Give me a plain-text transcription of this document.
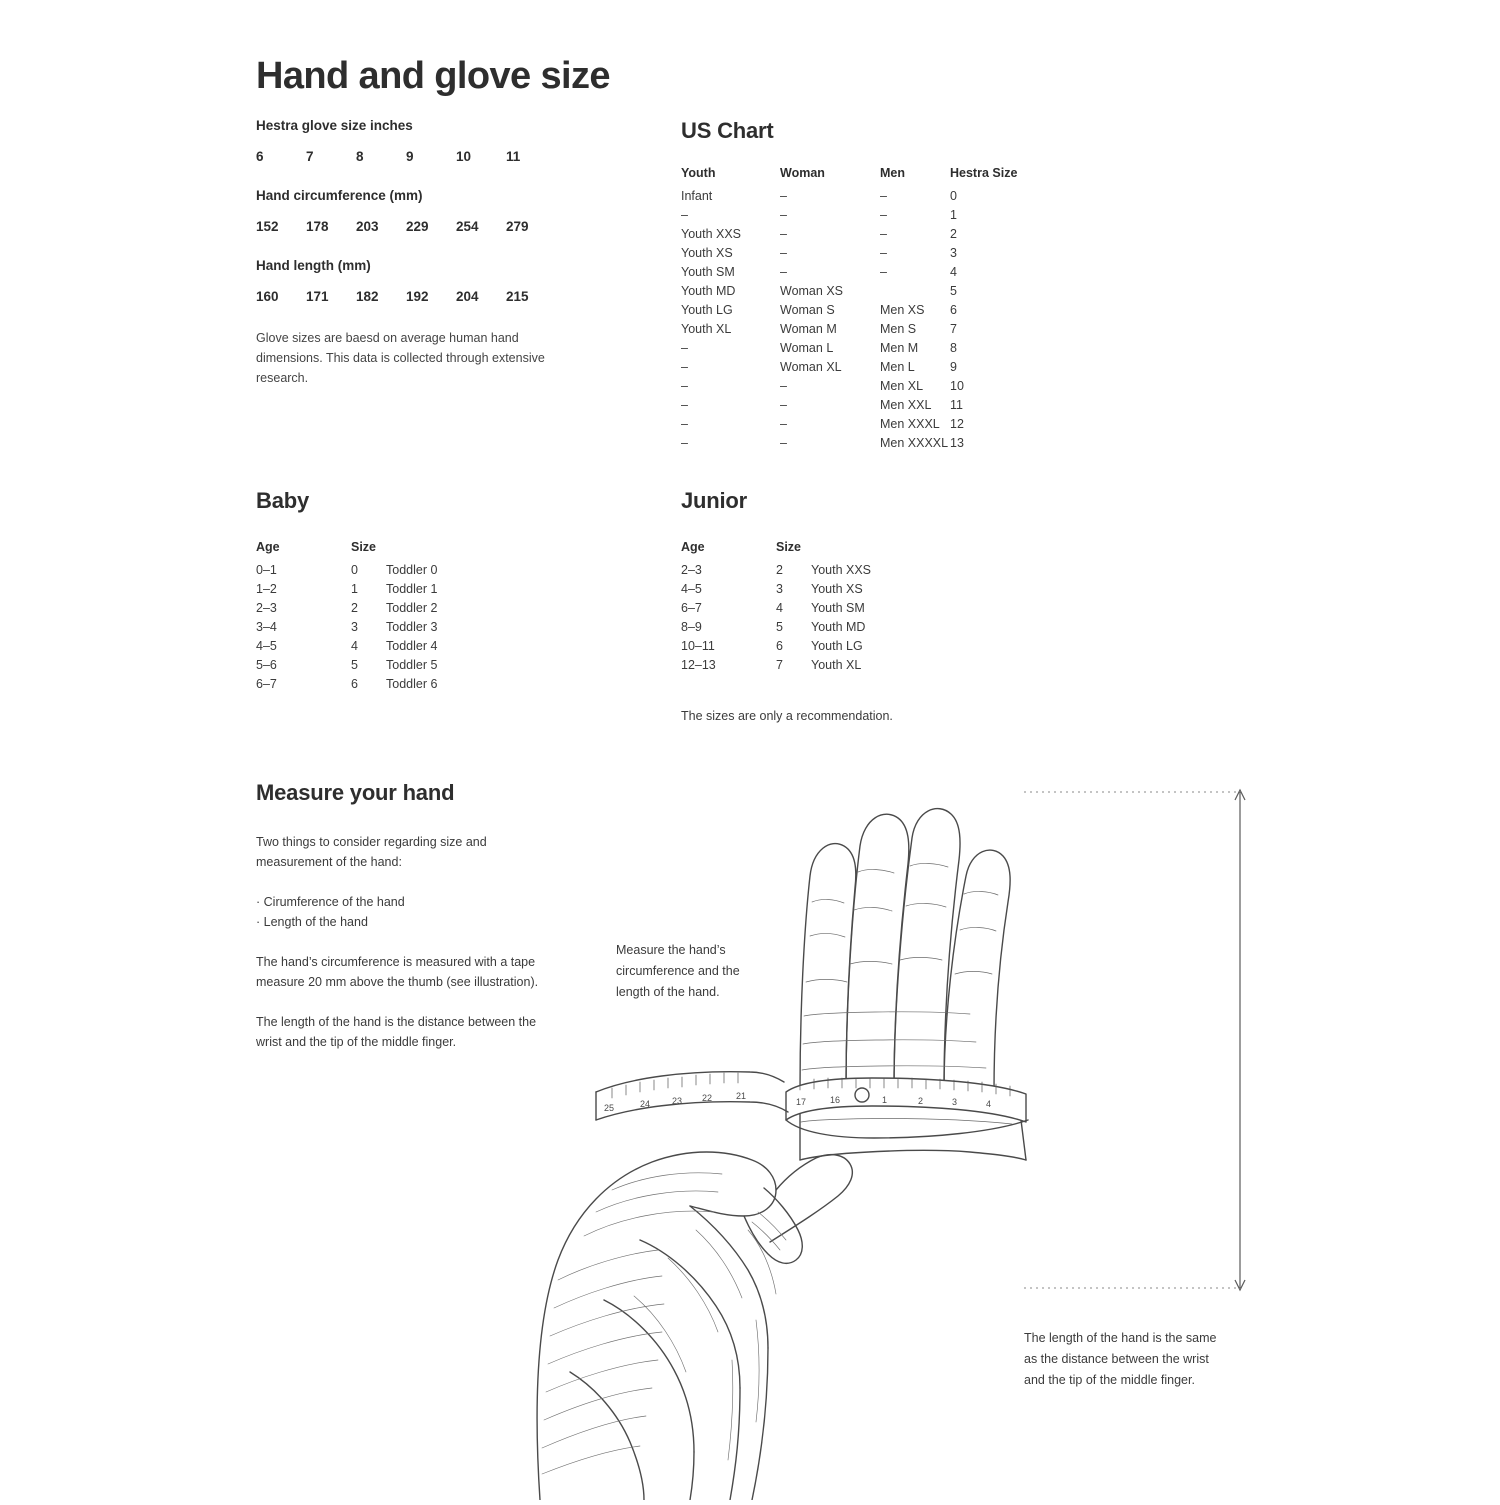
Hand and glove size
Hestra glove size inches
6	7	8	9	10	11
Hand circumference (mm)
152	178	203	229	254	279
Hand length (mm)
160	171	182	192	204	215
Glove sizes are baesd on average human hand dimensions. This data is collected through extensive research.
US Chart
Youth	Woman	Men	Hestra Size
Infant	–	–	0
–	–	–	1
Youth XXS	–	–	2
Youth XS	–	–	3
Youth SM	–	–	4
Youth MD	Woman XS		5
Youth LG	Woman S	Men XS	6
Youth XL	Woman M	Men S	7
–	Woman L	Men M	8
–	Woman XL	Men L	9
–	–	Men XL	10
–	–	Men XXL	11
–	–	Men XXXL	12
–	–	Men XXXXL	13
Baby
Age	Size	
0–1	0	Toddler 0
1–2	1	Toddler 1
2–3	2	Toddler 2
3–4	3	Toddler 3
4–5	4	Toddler 4
5–6	5	Toddler 5
6–7	6	Toddler 6
Junior
Age	Size	
2–3	2	Youth XXS
4–5	3	Youth XS
6–7	4	Youth SM
8–9	5	Youth MD
10–11	6	Youth LG
12–13	7	Youth XL
The sizes are only a recommendation.
Measure your hand

Two things to consider regarding size and measurement of the hand:

· Cirumference of the hand
· Length of the hand

The hand’s circumference is measured with a tape measure 20 mm above the thumb (see illustration).

The length of the hand is the distance between the wrist and the tip of the middle finger.

Measure the hand’s circumference and the length of the hand.
The length of the hand is the same as the distance between the wrist and the tip of the middle finger.
17	16	1	2	3	4
25	24 23 22	21
